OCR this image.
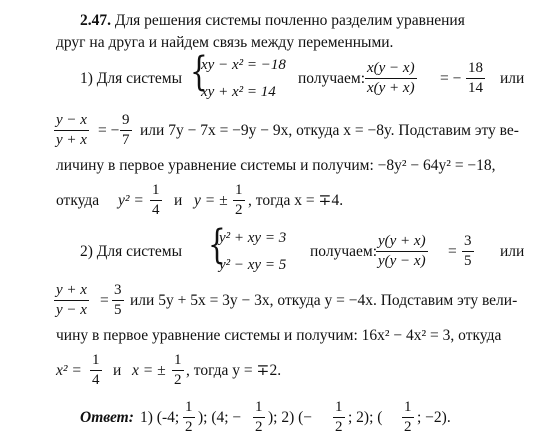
2.47. Для решения системы почленно разделим уравнения
друг на друга и найдем связь между переменными.
1) Для системы {
xy − x² = −18
xy + x² = 14
получаем: $\frac{x(y - x)}{x(y + x)}$ = − $\frac{18}{14}$ или
$\frac{y - x}{y + x}$ = − $\frac{9}{7}$ или 7y − 7x = −9y − 9x, откуда x = −8y. Подставим эту ве-
личину в первое уравнение системы и получим: −8y² − 64y² = −18,
откуда $y^2 = \frac{1}{4}$ и y = ± $\frac{1}{2}$ , тогда x = ∓4.
2) Для системы {
y² + xy = 3
y² − xy = 5
получаем: $\frac{y(y + x)}{y(y - x)} = \frac{3}{5}$ или
$\frac{y + x}{y - x} = \frac{3}{5}$ или 5y + 5x = 3y − 3x, откуда y = −4x. Подставим эту вели-
чину в первое уравнение системы и получим: 16x² − 4x² = 3, откуда
$x^2 = \frac{1}{4}$ и x = ± $\frac{1}{2}$ , тогда y = ∓2.
Ответ: 1) (-4; $\frac{1}{2}$ ); (4; − $\frac{1}{2}$ ); 2) (− $\frac{1}{2}$ ; 2); ( $\frac{1}{2}$ ; −2).
